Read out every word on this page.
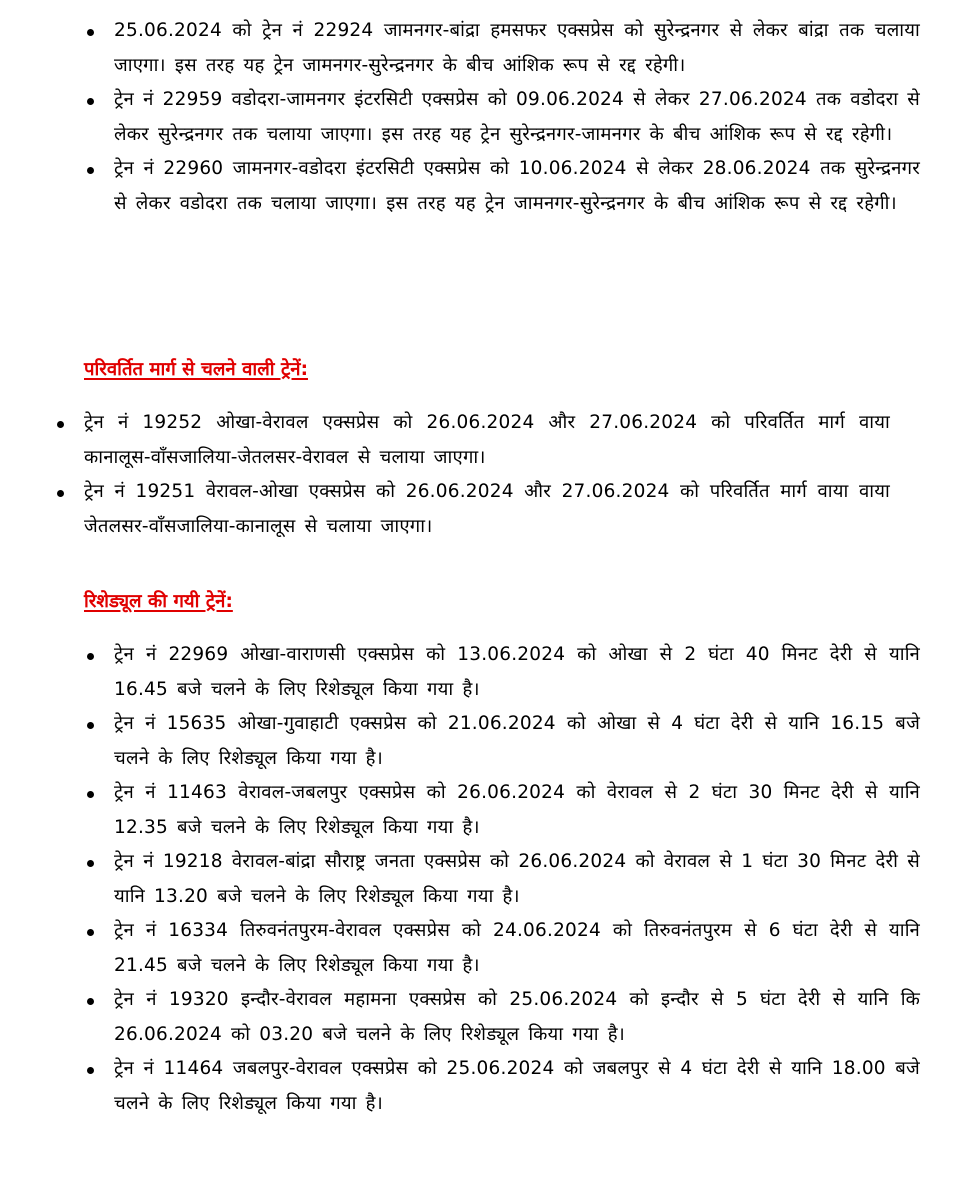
25.06.2024 को ट्रेन नं 22924 जामनगर-बांद्रा हमसफर एक्सप्रेस को सुरेन्द्रनगर से लेकर बांद्रा तक चलाया जाएगा। इस तरह यह ट्रेन जामनगर-सुरेन्द्रनगर के बीच आंशिक रूप से रद्द रहेगी।
ट्रेन नं 22959 वडोदरा-जामनगर इंटरसिटी एक्सप्रेस को 09.06.2024 से लेकर 27.06.2024 तक वडोदरा से लेकर सुरेन्द्रनगर तक चलाया जाएगा। इस तरह यह ट्रेन सुरेन्द्रनगर-जामनगर के बीच आंशिक रूप से रद्द रहेगी।
ट्रेन नं 22960 जामनगर-वडोदरा इंटरसिटी एक्सप्रेस को 10.06.2024 से लेकर 28.06.2024 तक सुरेन्द्रनगर से लेकर वडोदरा तक चलाया जाएगा। इस तरह यह ट्रेन जामनगर-सुरेन्द्रनगर के बीच आंशिक रूप से रद्द रहेगी।
परिवर्तित मार्ग से चलने वाली ट्रेनें:
ट्रेन नं 19252 ओखा-वेरावल एक्सप्रेस को 26.06.2024 और 27.06.2024 को परिवर्तित मार्ग वाया कानालूस-वाँसजालिया-जेतलसर-वेरावल से चलाया जाएगा।
ट्रेन नं 19251 वेरावल-ओखा एक्सप्रेस को 26.06.2024 और 27.06.2024 को परिवर्तित मार्ग वाया वाया जेतलसर-वाँसजालिया-कानालूस से चलाया जाएगा।
रिशेड्यूल की गयी ट्रेनें:
ट्रेन नं 22969 ओखा-वाराणसी एक्सप्रेस को 13.06.2024 को ओखा से 2 घंटा 40 मिनट देरी से यानि 16.45 बजे चलने के लिए रिशेड्यूल किया गया है।
ट्रेन नं 15635 ओखा-गुवाहाटी एक्सप्रेस को 21.06.2024 को ओखा से 4 घंटा देरी से यानि 16.15 बजे चलने के लिए रिशेड्यूल किया गया है।
ट्रेन नं 11463 वेरावल-जबलपुर एक्सप्रेस को 26.06.2024 को वेरावल से 2 घंटा 30 मिनट देरी से यानि 12.35 बजे चलने के लिए रिशेड्यूल किया गया है।
ट्रेन नं 19218 वेरावल-बांद्रा सौराष्ट्र जनता एक्सप्रेस को 26.06.2024 को वेरावल से 1 घंटा 30 मिनट देरी से यानि 13.20 बजे चलने के लिए रिशेड्यूल किया गया है।
ट्रेन नं 16334 तिरुवनंतपुरम-वेरावल एक्सप्रेस को 24.06.2024 को तिरुवनंतपुरम से 6 घंटा देरी से यानि 21.45 बजे चलने के लिए रिशेड्यूल किया गया है।
ट्रेन नं 19320 इन्दौर-वेरावल महामना एक्सप्रेस को 25.06.2024 को इन्दौर से 5 घंटा देरी से यानि कि 26.06.2024 को 03.20 बजे चलने के लिए रिशेड्यूल किया गया है।
ट्रेन नं 11464 जबलपुर-वेरावल एक्सप्रेस को 25.06.2024 को जबलपुर से 4 घंटा देरी से यानि 18.00 बजे चलने के लिए रिशेड्यूल किया गया है।
